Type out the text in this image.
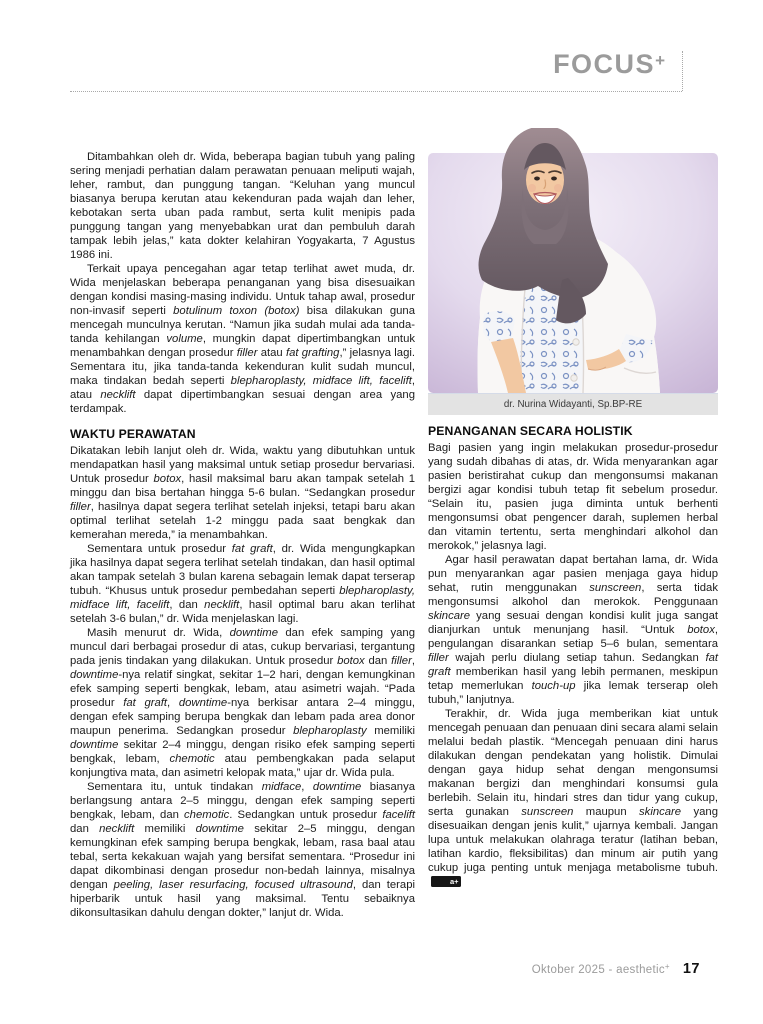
FOCUS+
dr. Nurina Widayanti, Sp.BP-RE

Ditambahkan oleh dr. Wida, beberapa bagian tubuh yang paling sering menjadi perhatian dalam perawatan penuaan meliputi wajah, leher, rambut, dan punggung tangan. “Keluhan yang muncul biasanya berupa kerutan atau kekenduran pada wajah dan leher, kebotakan serta uban pada rambut, serta kulit menipis pada punggung tangan yang menyebabkan urat dan pembuluh darah tampak lebih jelas,” kata dokter kelahiran Yogyakarta, 7 Agustus 1986 ini.

Terkait upaya pencegahan agar tetap terlihat awet muda, dr. Wida menjelaskan beberapa penanganan yang bisa disesuaikan dengan kondisi masing-masing individu. Untuk tahap awal, prosedur non-invasif seperti botulinum toxon (botox) bisa dilakukan guna mencegah munculnya kerutan. “Namun jika sudah mulai ada tanda-tanda kehilangan volume, mungkin dapat dipertimbangkan untuk menambahkan dengan prosedur filler atau fat grafting,” jelasnya lagi. Sementara itu, jika tanda-tanda kekenduran kulit sudah muncul, maka tindakan bedah seperti blepharoplasty, midface lift, facelift, atau necklift dapat dipertimbangkan sesuai dengan area yang terdampak.

WAKTU PERAWATAN

Dikatakan lebih lanjut oleh dr. Wida, waktu yang dibutuhkan untuk mendapatkan hasil yang maksimal untuk setiap prosedur bervariasi. Untuk prosedur botox, hasil maksimal baru akan tampak setelah 1 minggu dan bisa bertahan hingga 5-6 bulan. “Sedangkan prosedur filler, hasilnya dapat segera terlihat setelah injeksi, tetapi baru akan optimal terlihat setelah 1-2 minggu pada saat bengkak dan kemerahan mereda,” ia menambahkan.

Sementara untuk prosedur fat graft, dr. Wida mengungkapkan jika hasilnya dapat segera terlihat setelah tindakan, dan hasil optimal akan tampak setelah 3 bulan karena sebagain lemak dapat terserap tubuh. “Khusus untuk prosedur pembedahan seperti blepharoplasty, midface lift, facelift, dan necklift, hasil optimal baru akan terlihat setelah 3-6 bulan,” dr. Wida menjelaskan lagi.

Masih menurut dr. Wida, downtime dan efek samping yang muncul dari berbagai prosedur di atas, cukup bervariasi, tergantung pada jenis tindakan yang dilakukan. Untuk prosedur botox dan filler, downtime-nya relatif singkat, sekitar 1–2 hari, dengan kemungkinan efek samping seperti bengkak, lebam, atau asimetri wajah. “Pada prosedur fat graft, downtime-nya berkisar antara 2–4 minggu, dengan efek samping berupa bengkak dan lebam pada area donor maupun penerima. Sedangkan prosedur blepharoplasty memiliki downtime sekitar 2–4 minggu, dengan risiko efek samping seperti bengkak, lebam, chemotic atau pembengkakan pada selaput konjungtiva mata, dan asimetri kelopak mata,” ujar dr. Wida pula.

Sementara itu, untuk tindakan midface, downtime biasanya berlangsung antara 2–5 minggu, dengan efek samping seperti bengkak, lebam, dan chemotic. Sedangkan untuk prosedur facelift dan necklift memiliki downtime sekitar 2–5 minggu, dengan kemungkinan efek samping berupa bengkak, lebam, rasa baal atau tebal, serta kekakuan wajah yang bersifat sementara. “Prosedur ini dapat dikombinasi dengan prosedur non-bedah lainnya, misalnya dengan peeling, laser resurfacing, focused ultrasound, dan terapi hiperbarik untuk hasil yang maksimal. Tentu sebaiknya dikonsultasikan dahulu dengan dokter,” lanjut dr. Wida.

PENANGANAN SECARA HOLISTIK

Bagi pasien yang ingin melakukan prosedur-prosedur yang sudah dibahas di atas, dr. Wida menyarankan agar pasien beristirahat cukup dan mengonsumsi makanan bergizi agar kondisi tubuh tetap fit sebelum prosedur. “Selain itu, pasien juga diminta untuk berhenti mengonsumsi obat pengencer darah, suplemen herbal dan vitamin tertentu, serta menghindari alkohol dan merokok,” jelasnya lagi.

Agar hasil perawatan dapat bertahan lama, dr. Wida pun menyarankan agar pasien menjaga gaya hidup sehat, rutin menggunakan sunscreen, serta tidak mengonsumsi alkohol dan merokok. Penggunaan skincare yang sesuai dengan kondisi kulit juga sangat dianjurkan untuk menunjang hasil. “Untuk botox, pengulangan disarankan setiap 5–6 bulan, sementara filler wajah perlu diulang setiap tahun. Sedangkan fat graft memberikan hasil yang lebih permanen, meskipun tetap memerlukan touch-up jika lemak terserap oleh tubuh,” lanjutnya.

Terakhir, dr. Wida juga memberikan kiat untuk mencegah penuaan dan penuaan dini secara alami selain melalui bedah plastik. “Mencegah penuaan dini harus dilakukan dengan pendekatan yang holistik. Dimulai dengan gaya hidup sehat dengan mengonsumsi makanan bergizi dan menghindari konsumsi gula berlebih. Selain itu, hindari stres dan tidur yang cukup, serta gunakan sunscreen maupun skincare yang disesuaikan dengan jenis kulit,” ujarnya kembali. Jangan lupa untuk melakukan olahraga teratur (latihan beban, latihan kardio, fleksibilitas) dan minum air putih yang cukup juga penting untuk menjaga metabolisme tubuh.a+

Oktober 2025 - aesthetic+ 17
